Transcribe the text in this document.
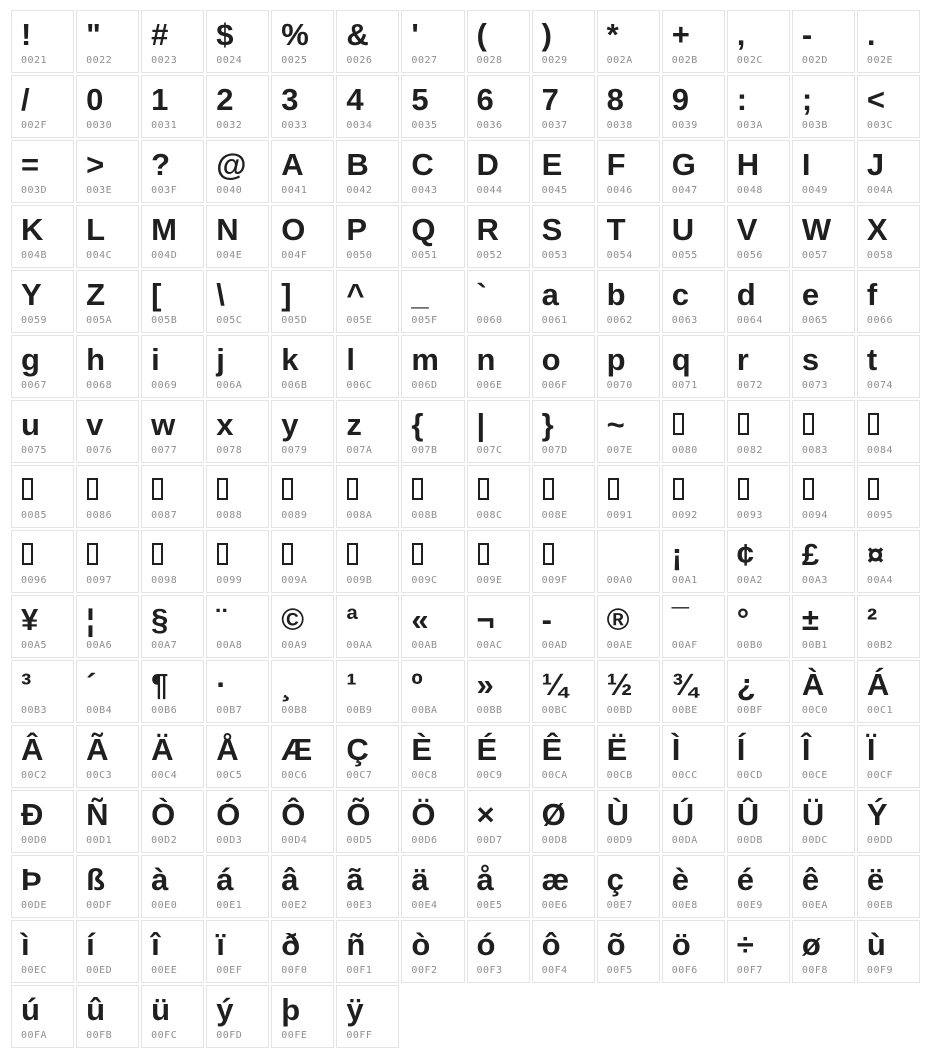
!
0021
"
0022
#
0023
$
0024
%
0025
&
0026
'
0027
(
0028
)
0029
*
002A
+
002B
,
002C
-
002D
.
002E
/
002F
0
0030
1
0031
2
0032
3
0033
4
0034
5
0035
6
0036
7
0037
8
0038
9
0039
:
003A
;
003B
<
003C
=
003D
>
003E
?
003F
@
0040
A
0041
B
0042
C
0043
D
0044
E
0045
F
0046
G
0047
H
0048
I
0049
J
004A
K
004B
L
004C
M
004D
N
004E
O
004F
P
0050
Q
0051
R
0052
S
0053
T
0054
U
0055
V
0056
W
0057
X
0058
Y
0059
Z
005A
[
005B
\
005C
]
005D
^
005E
_
005F
`
0060
a
0061
b
0062
c
0063
d
0064
e
0065
f
0066
g
0067
h
0068
i
0069
j
006A
k
006B
l
006C
m
006D
n
006E
o
006F
p
0070
q
0071
r
0072
s
0073
t
0074
u
0075
v
0076
w
0077
x
0078
y
0079
z
007A
{
007B
|
007C
}
007D
~
007E	0080	0082	0083	0084
0085	0086	0087	0088	0089	008A	008B	008C	008E	0091	0092	0093	0094	0095
0096	0097	0098	0099	009A	009B	009C	009E	009F	00A0
¡
00A1
¢
00A2
£
00A3
¤
00A4
¥
00A5
¦
00A6
§
00A7
¨
00A8
©
00A9
ª
00AA
«
00AB
¬
00AC
-
00AD
®
00AE
¯
00AF
°
00B0
±
00B1
²
00B2
³
00B3
´
00B4
¶
00B6
·
00B7
¸
00B8
¹
00B9
º
00BA
»
00BB
¼
00BC
½
00BD
¾
00BE
¿
00BF
À
00C0
Á
00C1
Â
00C2
Ã
00C3
Ä
00C4
Å
00C5
Æ
00C6
Ç
00C7
È
00C8
É
00C9
Ê
00CA
Ë
00CB
Ì
00CC
Í
00CD
Î
00CE
Ï
00CF
Ð
00D0
Ñ
00D1
Ò
00D2
Ó
00D3
Ô
00D4
Õ
00D5
Ö
00D6
×
00D7
Ø
00D8
Ù
00D9
Ú
00DA
Û
00DB
Ü
00DC
Ý
00DD
Þ
00DE
ß
00DF
à
00E0
á
00E1
â
00E2
ã
00E3
ä
00E4
å
00E5
æ
00E6
ç
00E7
è
00E8
é
00E9
ê
00EA
ë
00EB
ì
00EC
í
00ED
î
00EE
ï
00EF
ð
00F0
ñ
00F1
ò
00F2
ó
00F3
ô
00F4
õ
00F5
ö
00F6
÷
00F7
ø
00F8
ù
00F9
ú
00FA
û
00FB
ü
00FC
ý
00FD
þ
00FE
ÿ
00FF
